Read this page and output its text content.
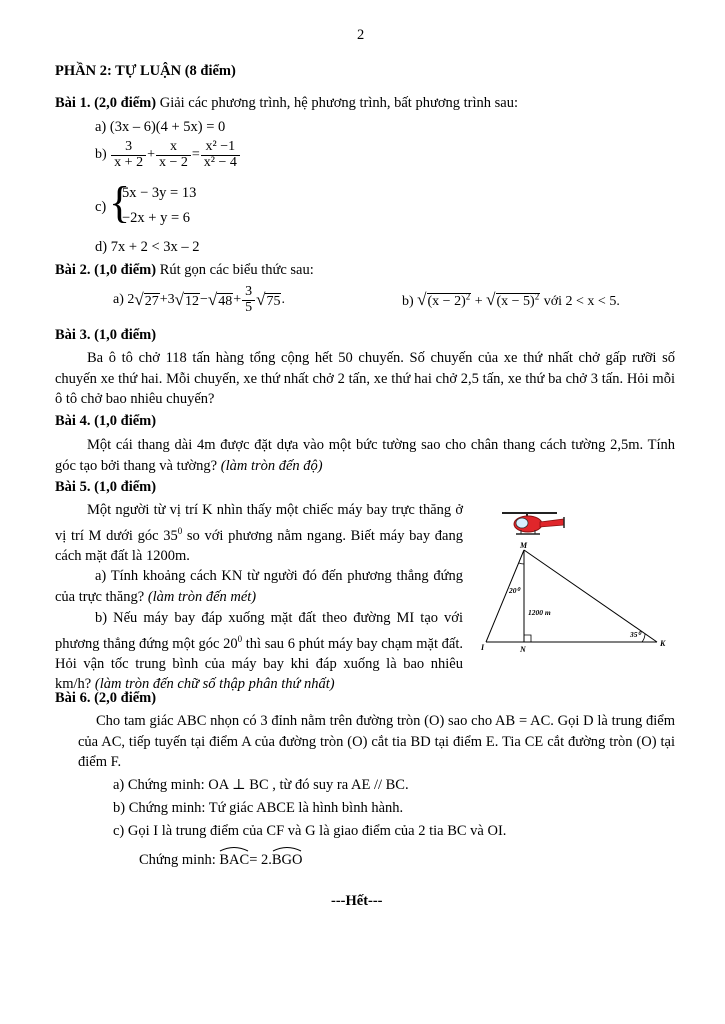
2
PHẦN 2: TỰ LUẬN (8 điểm)
Bài 1. (2,0 điểm) Giải các phương trình, hệ phương trình, bất phương trình sau:
a) (3x – 6)(4 + 5x) = 0
$b) \frac{3}{x + 2} + \frac{x}{x - 2} = \frac{\text{x² −1}}{\text{x² − 4}}$
c) {
5x − 3y = 13
−2x + y = 6
d) 7x + 2 < 3x – 2
Bài 2. (1,0 điểm) Rút gọn các biểu thức sau:
a) $2√27+3√12-√48+ \frac{3}{5} √75$.	b) $√(x - 2)^2 + √(x - 5)^2$ với 2 < x < 5.
Bài 3. (1,0 điểm)
Ba ô tô chở 118 tấn hàng tổng cộng hết 50 chuyến. Số chuyến của xe thứ nhất chở gấp rưỡi số chuyến xe thứ hai. Mỗi chuyến, xe thứ nhất chở 2 tấn, xe thứ hai chở 2,5 tấn, xe thứ ba chở 3 tấn. Hỏi mỗi ô tô chở bao nhiêu chuyến?
Bài 4. (1,0 điểm)
Một cái thang dài 4m được đặt dựa vào một bức tường sao cho chân thang cách tường 2,5m. Tính góc tạo bởi thang và tường? (làm tròn đến độ)
Bài 5. (1,0 điểm)
Một người từ vị trí K nhìn thấy một chiếc máy bay trực thăng ở vị trí M dưới góc $35^0$ so với phương nằm ngang. Biết máy bay đang cách mặt đất là 1200m.
a) Tính khoảng cách KN từ người đó đến phương thẳng đứng của trực thăng? (làm tròn đến mét)
b) Nếu máy bay đáp xuống mặt đất theo đường MI tạo với phương thẳng đứng một góc $20^0$ thì sau 6 phút máy bay chạm mặt đất. Hỏi vận tốc trung bình của máy bay khi đáp xuống là bao nhiêu km/h? (làm tròn đến chữ số thập phân thứ nhất)
M
I	N
K
20⁰
1200 m
35⁰
Bài 6. (2,0 điểm)
Cho tam giác ABC nhọn có 3 đỉnh nằm trên đường tròn (O) sao cho AB = AC. Gọi D là trung điểm của AC, tiếp tuyến tại điểm A của đường tròn (O) cắt tia BD tại điểm E. Tia CE cắt đường tròn (O) tại điểm F.
a) Chứng minh: OA ⊥ BC , từ đó suy ra AE // BC.
b) Chứng minh: Tứ giác ABCE là hình bình hành.
c) Gọi I là trung điểm của CF và G là giao điểm của 2 tia BC và OI.
Chứng minh: BAC= 2.
BGO
---Hết---
